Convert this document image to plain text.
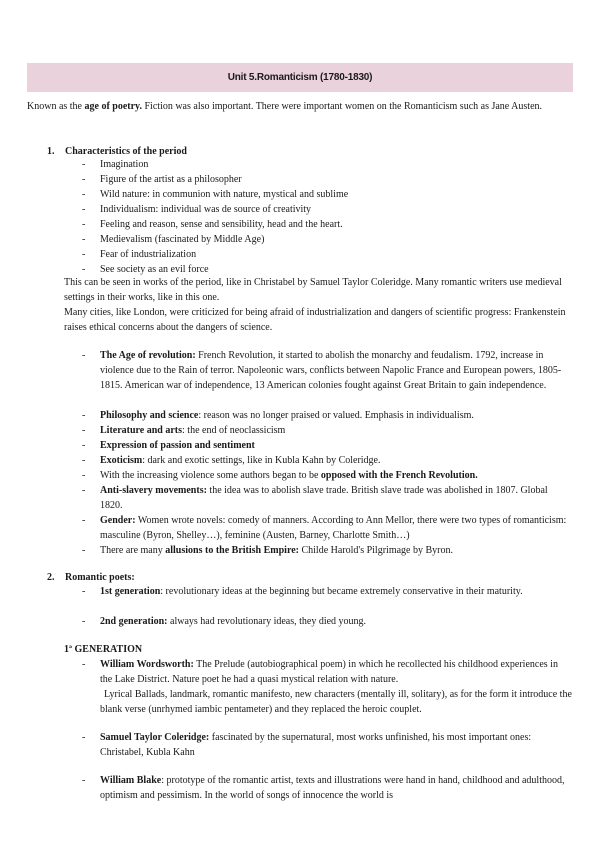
Unit 5.Romanticism (1780-1830)

Known as the age of poetry. Fiction was also important. There were important women on the Romanticism such as Jane Austen.

1. Characteristics of the period
- Imagination
- Figure of the artist as a philosopher
- Wild nature: in communion with nature, mystical and sublime
- Individualism: individual was de source of creativity
- Feeling and reason, sense and sensibility, head and the heart.
- Medievalism (fascinated by Middle Age)
- Fear of industrialization
- See society as an evil force

This can be seen in works of the period, like in Christabel by Samuel Taylor Coleridge. Many romantic writers use medieval settings in their works, like in this one.

Many cities, like London, were criticized for being afraid of industrialization and dangers of scientific progress: Frankenstein raises ethical concerns about the dangers of science.

- The Age of revolution: French Revolution, it started to abolish the monarchy and feudalism. 1792, increase in violence due to the Rain of terror. Napoleonic wars, conflicts between Napolic France and European powers, 1805-1815. American war of independence, 13 American colonies fought against Great Britain to gain independence.

- Philosophy and science: reason was no longer praised or valued. Emphasis in individualism.

- Literature and arts: the end of neoclassicism

- Expression of passion and sentiment

- Exoticism: dark and exotic settings, like in Kubla Kahn by Coleridge.

- With the increasing violence some authors began to be opposed with the French Revolution.

- Anti-slavery movements: the idea was to abolish slave trade. British slave trade was abolished in 1807. Global 1820.

- Gender: Women wrote novels: comedy of manners. According to Ann Mellor, there were two types of romanticism: masculine (Byron, Shelley…), feminine (Austen, Barney, Charlotte Smith…)

- There are many allusions to the British Empire: Childe Harold's Pilgrimage by Byron.

2. Romantic poets:
- 1st generation: revolutionary ideas at the beginning but became extremely conservative in their maturity.

- 2nd generation: always had revolutionary ideas, they died young.

1ª GENERATION
- William Wordsworth: The Prelude (autobiographical poem) in which he recollected his childhood experiences in the Lake District. Nature poet he had a quasi mystical relation with nature.

Lyrical Ballads, landmark, romantic manifesto, new characters (mentally ill, solitary), as for the form it introduce the blank verse (unrhymed iambic pentameter) and they replaced the heroic couplet.

- Samuel Taylor Coleridge: fascinated by the supernatural, most works unfinished, his most important ones: Christabel, Kubla Kahn

- William Blake: prototype of the romantic artist, texts and illustrations were hand in hand, childhood and adulthood, optimism and pessimism. In the world of songs of innocence the world is
